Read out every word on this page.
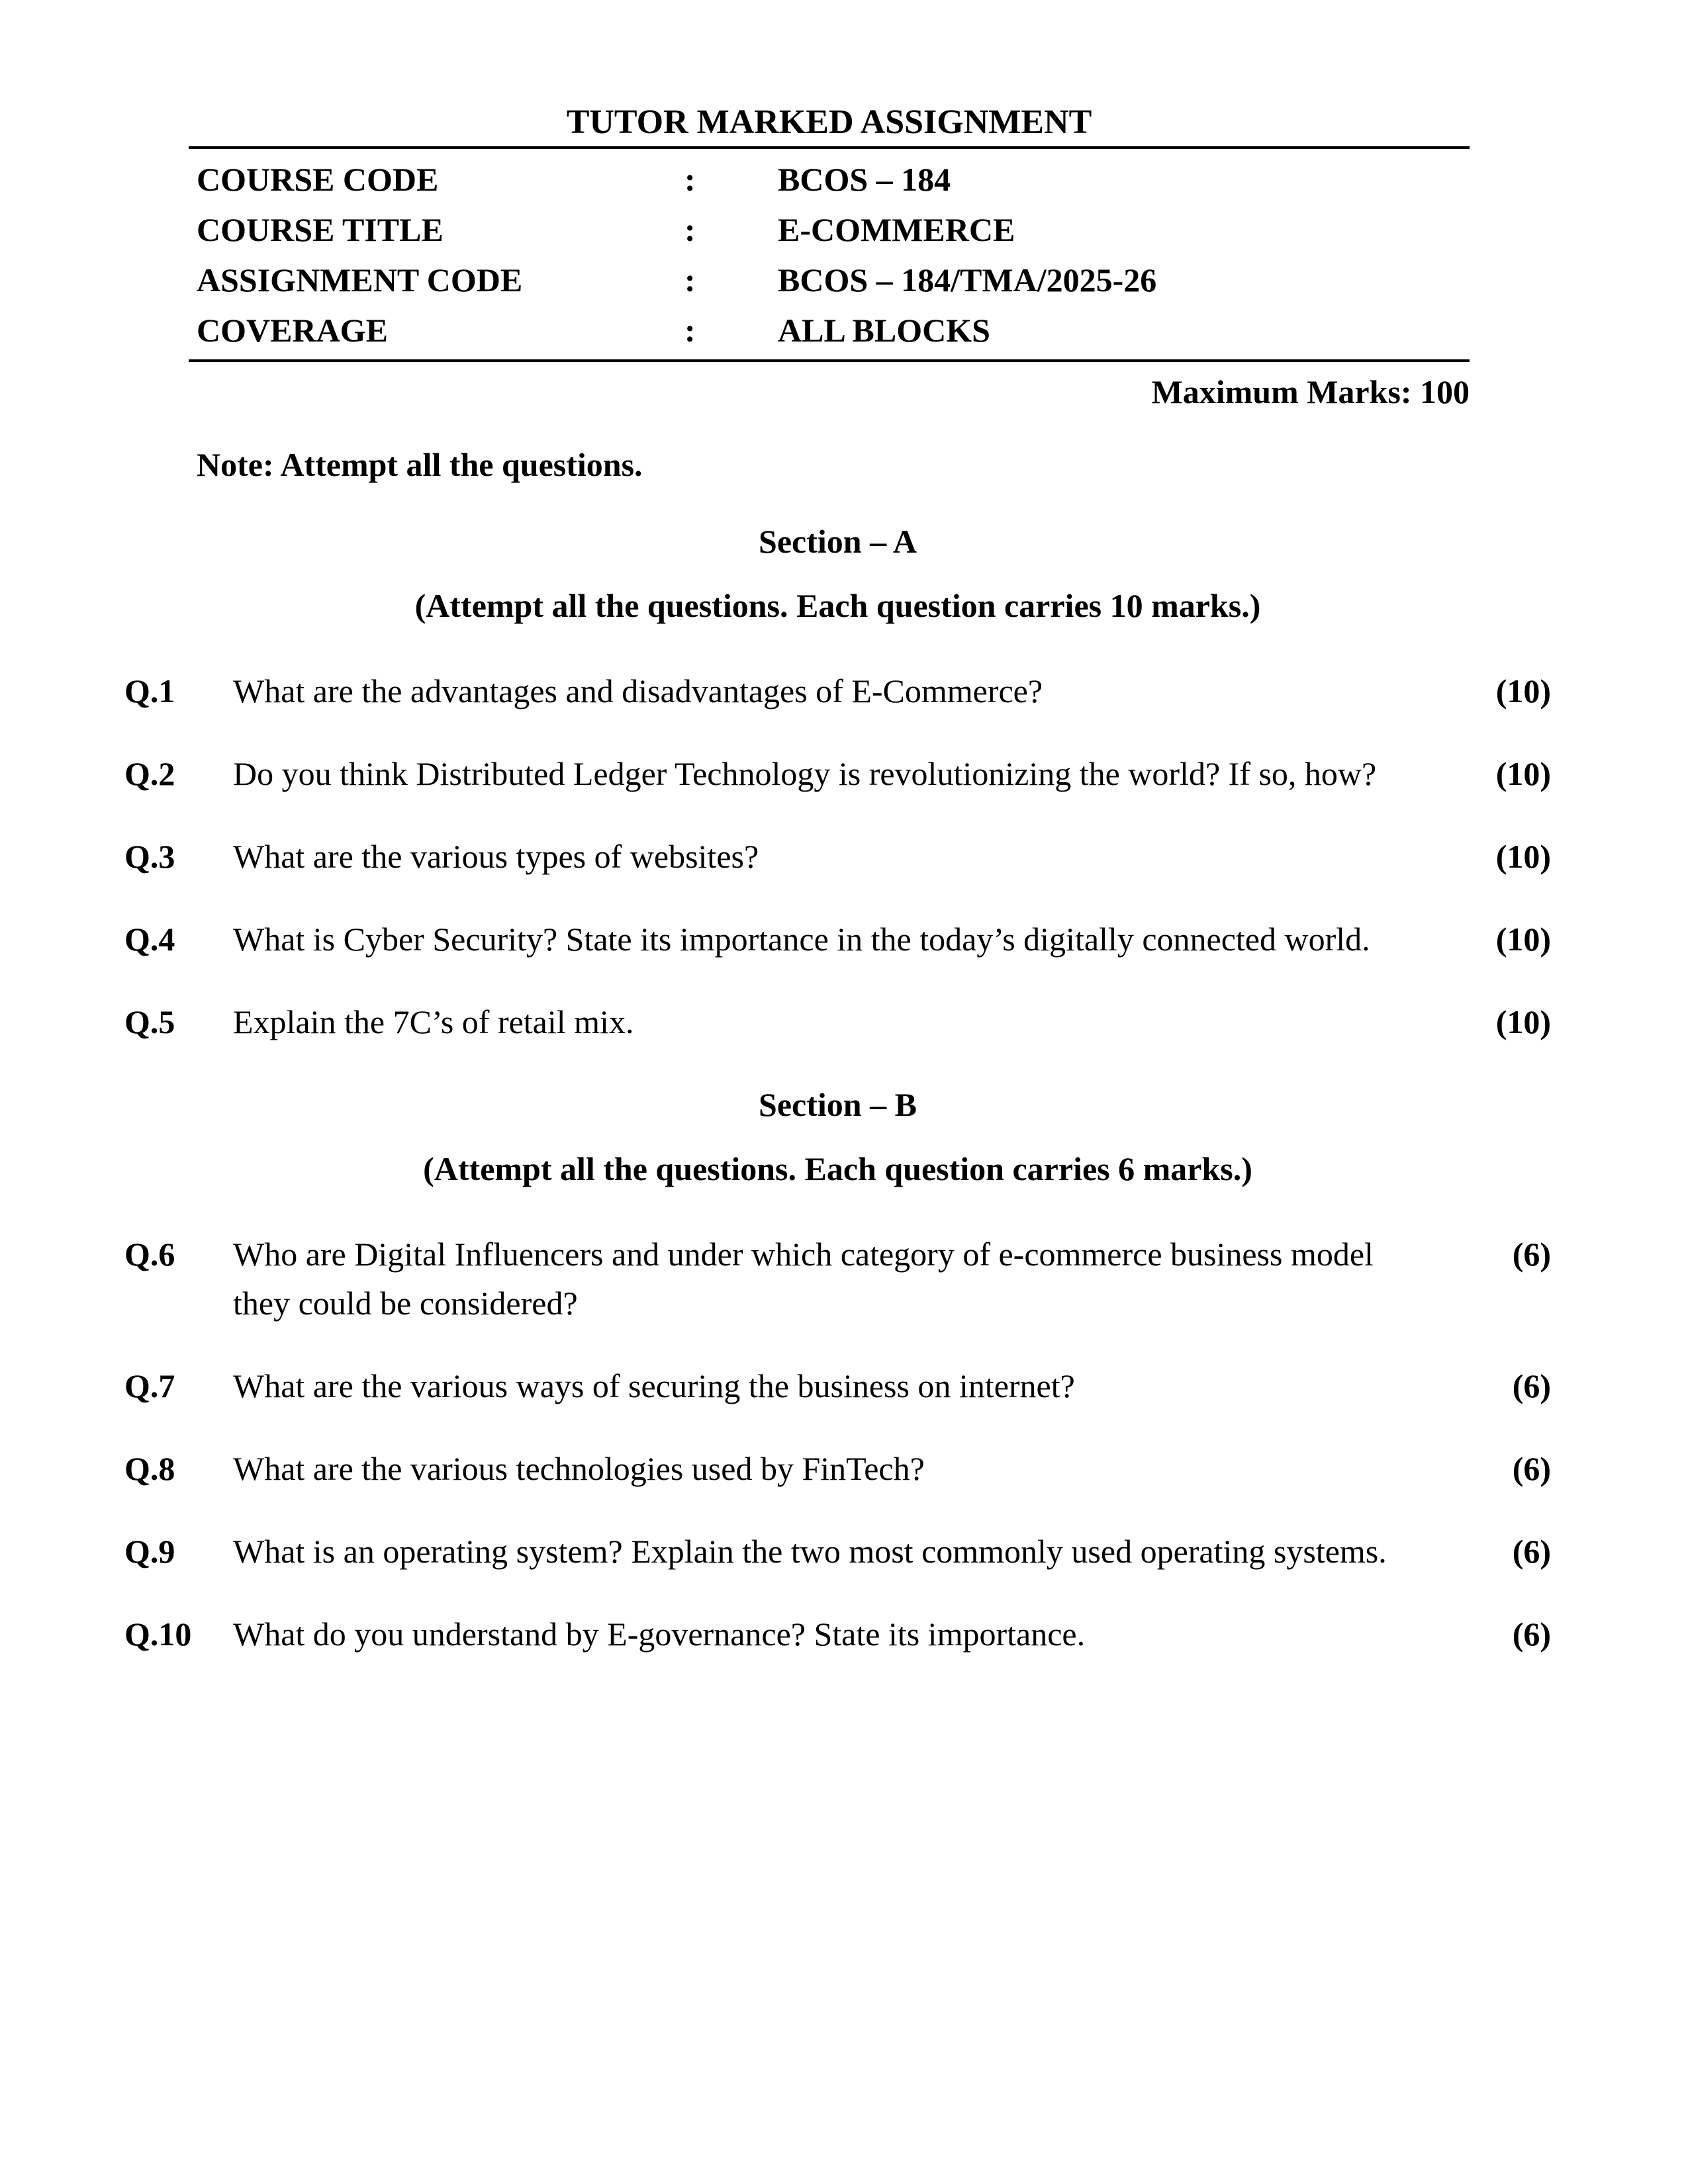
TUTOR MARKED ASSIGNMENT
COURSE CODE	:	BCOS – 184
COURSE TITLE	:	E-COMMERCE
ASSIGNMENT CODE	:	BCOS – 184/TMA/2025-26
COVERAGE	:	ALL BLOCKS
Maximum Marks: 100
Note: Attempt all the questions.
Section – A
(Attempt all the questions. Each question carries 10 marks.)
Q.1	What are the advantages and disadvantages of E-Commerce?	(10)
Q.2	Do you think Distributed Ledger Technology is revolutionizing the world? If so, how?	(10)
Q.3	What are the various types of websites?	(10)
Q.4	What is Cyber Security? State its importance in the today’s digitally connected world.	(10)
Q.5	Explain the 7C’s of retail mix.	(10)
Section – B
(Attempt all the questions. Each question carries 6 marks.)
Q.6	Who are Digital Influencers and under which category of e-commerce business model they could be considered?
(6)
Q.7	What are the various ways of securing the business on internet?	(6)
Q.8	What are the various technologies used by FinTech?	(6)
Q.9	What is an operating system? Explain the two most commonly used operating systems.	(6)
Q.10	What do you understand by E-governance? State its importance.	(6)
